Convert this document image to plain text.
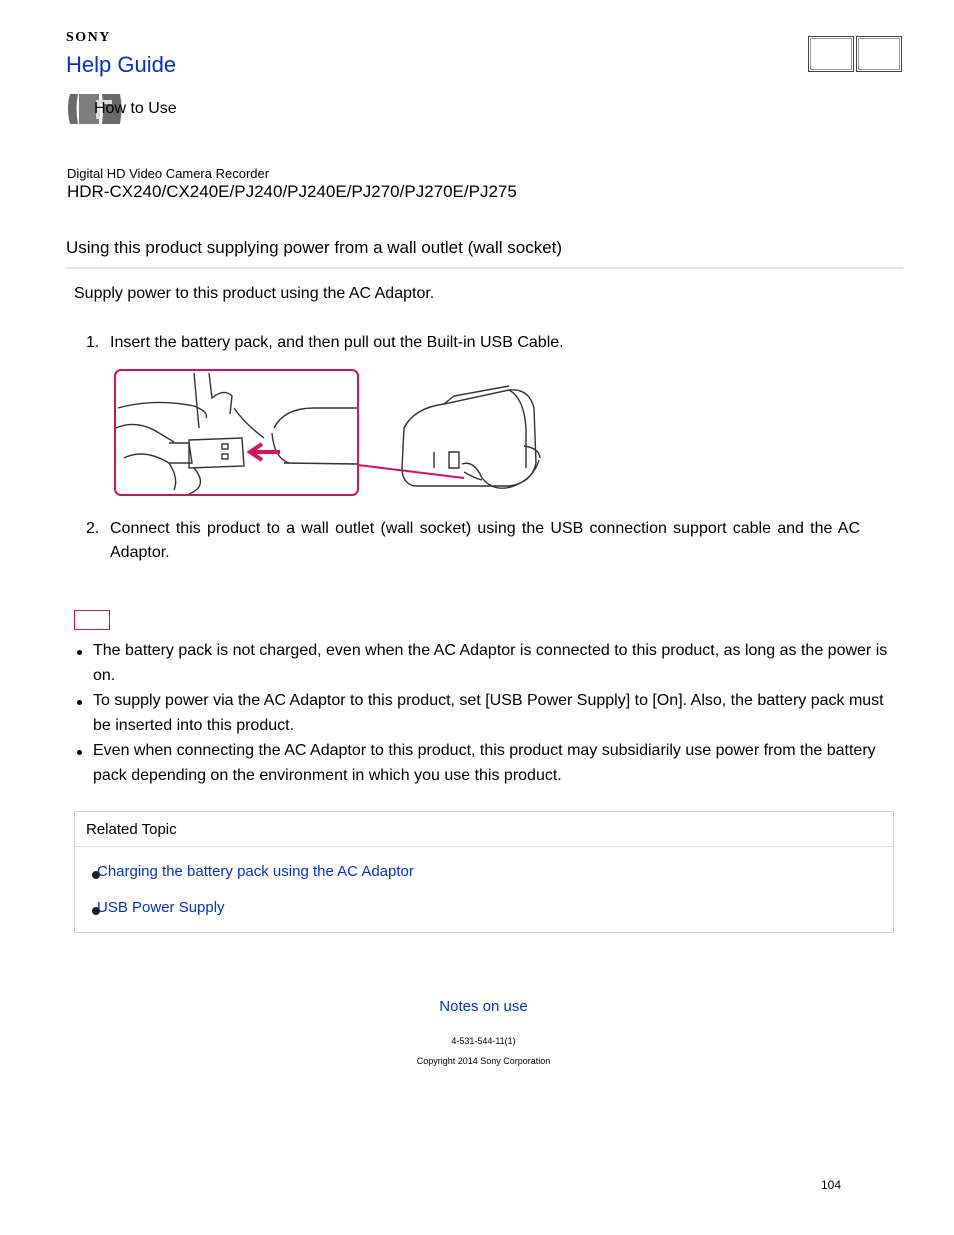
SONY
Help Guide
How to Use
Digital HD Video Camera Recorder
HDR-CX240/CX240E/PJ240/PJ240E/PJ270/PJ270E/PJ275
Using this product supplying power from a wall outlet (wall socket)
Supply power to this product using the AC Adaptor.
1. Insert the battery pack, and then pull out the Built-in USB Cable.
2. Connect this product to a wall outlet (wall socket) using the USB connection support cable and the AC Adaptor.
The battery pack is not charged, even when the AC Adaptor is connected to this product, as long as the power is on.
To supply power via the AC Adaptor to this product, set [USB Power Supply] to [On]. Also, the battery pack must be inserted into this product.
Even when connecting the AC Adaptor to this product, this product may subsidiarily use power from the battery pack depending on the environment in which you use this product.
Related Topic
Charging the battery pack using the AC Adaptor
USB Power Supply
Notes on use
4-531-544-11(1)
Copyright 2014 Sony Corporation
104
